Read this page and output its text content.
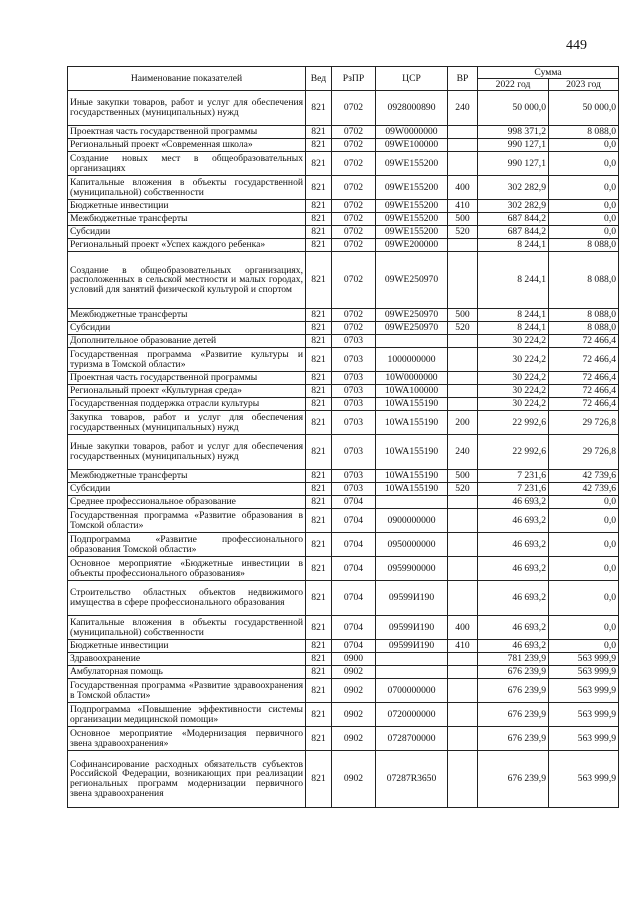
449
Наименование показателей	Вед	РзПР	ЦСР	ВР	Сумма	
					2022 год	2023 год
Иные закупки товаров, работ и услуг для обеспечения государственных (муниципальных) нужд	821	0702	0928000890	240	50 000,0	50 000,0
Проектная часть государственной программы	821	0702	09W0000000		998 371,2	8 088,0
Региональный проект «Современная школа»	821	0702	09WE100000		990 127,1	0,0
Создание новых мест в общеобразовательных организациях	821	0702	09WE155200		990 127,1	0,0
Капитальные вложения в объекты государственной (муниципальной) собственности	821	0702	09WE155200	400	302 282,9	0,0
Бюджетные инвестиции	821	0702	09WE155200	410	302 282,9	0,0
Межбюджетные трансферты	821	0702	09WE155200	500	687 844,2	0,0
Субсидии	821	0702	09WE155200	520	687 844,2	0,0
Региональный проект «Успех каждого ребенка»	821	0702	09WE200000		8 244,1	8 088,0
Создание в общеобразовательных организациях, расположенных в сельской местности и малых городах, условий для занятий физической культурой и спортом	821	0702	09WE250970		8 244,1	8 088,0
Межбюджетные трансферты	821	0702	09WE250970	500	8 244,1	8 088,0
Субсидии	821	0702	09WE250970	520	8 244,1	8 088,0
Дополнительное образование детей	821	0703			30 224,2	72 466,4
Государственная программа «Развитие культуры и туризма в Томской области»	821	0703	1000000000		30 224,2	72 466,4
Проектная часть государственной программы	821	0703	10W0000000		30 224,2	72 466,4
Региональный проект «Культурная среда»	821	0703	10WA100000		30 224,2	72 466,4
Государственная поддержка отрасли культуры	821	0703	10WA155190		30 224,2	72 466,4
Закупка товаров, работ и услуг для обеспечения государственных (муниципальных) нужд	821	0703	10WA155190	200	22 992,6	29 726,8
Иные закупки товаров, работ и услуг для обеспечения государственных (муниципальных) нужд	821	0703	10WA155190	240	22 992,6	29 726,8
Межбюджетные трансферты	821	0703	10WA155190	500	7 231,6	42 739,6
Субсидии	821	0703	10WA155190	520	7 231,6	42 739,6
Среднее профессиональное образование	821	0704			46 693,2	0,0
Государственная программа «Развитие образования в Томской области»	821	0704	0900000000		46 693,2	0,0
Подпрограмма «Развитие профессионального образования Томской области»	821	0704	0950000000		46 693,2	0,0
Основное мероприятие «Бюджетные инвестиции в объекты профессионального образования»	821	0704	0959900000		46 693,2	0,0
Строительство областных объектов недвижимого имущества в сфере профессионального образования	821	0704	09599И190		46 693,2	0,0
Капитальные вложения в объекты государственной (муниципальной) собственности	821	0704	09599И190	400	46 693,2	0,0
Бюджетные инвестиции	821	0704	09599И190	410	46 693,2	0,0
Здравоохранение	821	0900			781 239,9	563 999,9
Амбулаторная помощь	821	0902			676 239,9	563 999,9
Государственная программа «Развитие здравоохранения в Томской области»	821	0902	0700000000		676 239,9	563 999,9
Подпрограмма «Повышение эффективности системы организации медицинской помощи»	821	0902	0720000000		676 239,9	563 999,9
Основное мероприятие «Модернизация первичного звена здравоохранения»	821	0902	0728700000		676 239,9	563 999,9
Софинансирование расходных обязательств субъектов Российской Федерации, возникающих при реализации региональных программ модернизации первичного звена здравоохранения	821	0902	07287R3650		676 239,9	563 999,9
